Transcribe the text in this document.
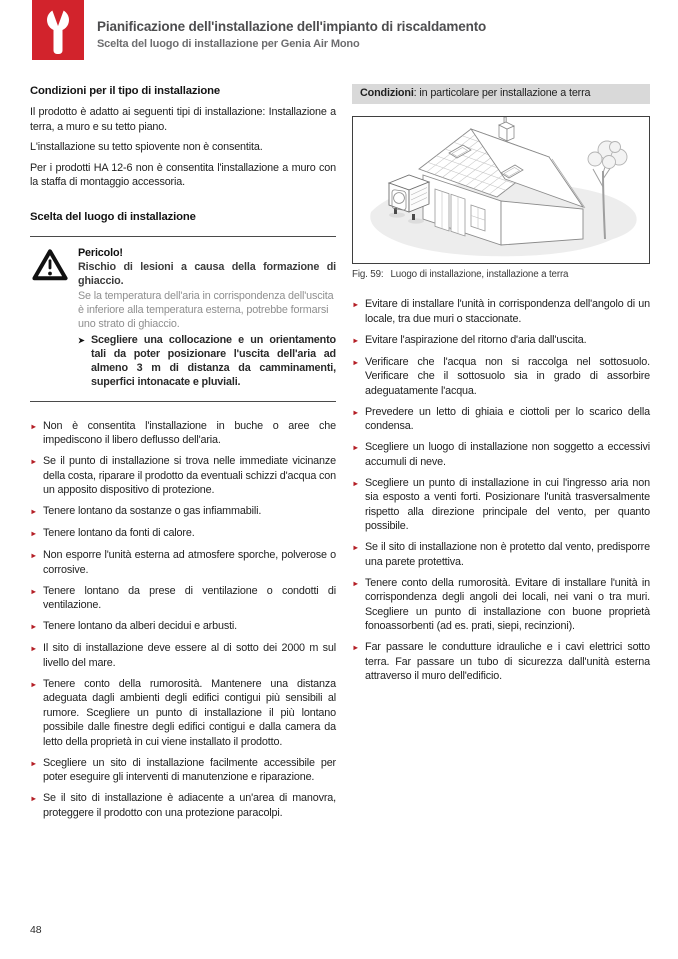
Pianificazione dell'installazione dell'impianto di riscaldamento
Scelta del luogo di installazione per Genia Air Mono
Condizioni per il tipo di installazione

Il prodotto è adatto ai seguenti tipi di installazione: Installazione a terra, a muro e su tetto piano.

L'installazione su tetto spiovente non è consentita.

Per i prodotti HA 12-6 non è consentita l'installazione a muro con la staffa di montaggio accessoria.

Scelta del luogo di installazione
Pericolo!
Rischio di lesioni a causa della formazione di ghiaccio.
Se la temperatura dell'aria in corrispondenza dell'uscita è inferiore alla temperatura esterna, potrebbe formarsi uno strato di ghiaccio.
➤ Scegliere una collocazione e un orientamento tali da poter posizionare l'uscita dell'aria ad almeno 3 m di distanza da camminamenti, superfici intonacate e pluviali.
► Non è consentita l'installazione in buche o aree che impediscono il libero deflusso dell'aria.
► Se il punto di installazione si trova nelle immediate vicinanze della costa, riparare il prodotto da eventuali schizzi d'acqua con un apposito dispositivo di protezione.
► Tenere lontano da sostanze o gas infiammabili.
► Tenere lontano da fonti di calore.
► Non esporre l'unità esterna ad atmosfere sporche, polverose o corrosive.
► Tenere lontano da prese di ventilazione o condotti di ventilazione.
► Tenere lontano da alberi decidui e arbusti.
► Il sito di installazione deve essere al di sotto dei 2000 m sul livello del mare.
► Tenere conto della rumorosità. Mantenere una distanza adeguata dagli ambienti degli edifici contigui più sensibili al rumore. Scegliere un punto di installazione il più lontano possibile dalle finestre degli edifici contigui e dalla camera da letto della proprietà in cui viene installato il prodotto.
► Scegliere un sito di installazione facilmente accessibile per poter eseguire gli interventi di manutenzione e riparazione.
► Se il sito di installazione è adiacente a un'area di manovra, proteggere il prodotto con una protezione paracolpi.
Condizioni: in particolare per installazione a terra
Fig. 59: Luogo di installazione, installazione a terra
► Evitare di installare l'unità in corrispondenza dell'angolo di un locale, tra due muri o staccionate.
► Evitare l'aspirazione del ritorno d'aria dall'uscita.
► Verificare che l'acqua non si raccolga nel sottosuolo. Verificare che il sottosuolo sia in grado di assorbire adeguatamente l'acqua.
► Prevedere un letto di ghiaia e ciottoli per lo scarico della condensa.
► Scegliere un luogo di installazione non soggetto a eccessivi accumuli di neve.
► Scegliere un punto di installazione in cui l'ingresso aria non sia esposto a venti forti. Posizionare l'unità trasversalmente rispetto alla direzione principale del vento, per quanto possibile.
► Se il sito di installazione non è protetto dal vento, predisporre una parete protettiva.
► Tenere conto della rumorosità. Evitare di installare l'unità in corrispondenza degli angoli dei locali, nei vani o tra muri. Scegliere un punto di installazione con buone proprietà fonoassorbenti (ad es. prati, siepi, recinzioni).
► Far passare le condutture idrauliche e i cavi elettrici sotto terra. Far passare un tubo di sicurezza dall'unità esterna attraverso il muro dell'edificio.
48
